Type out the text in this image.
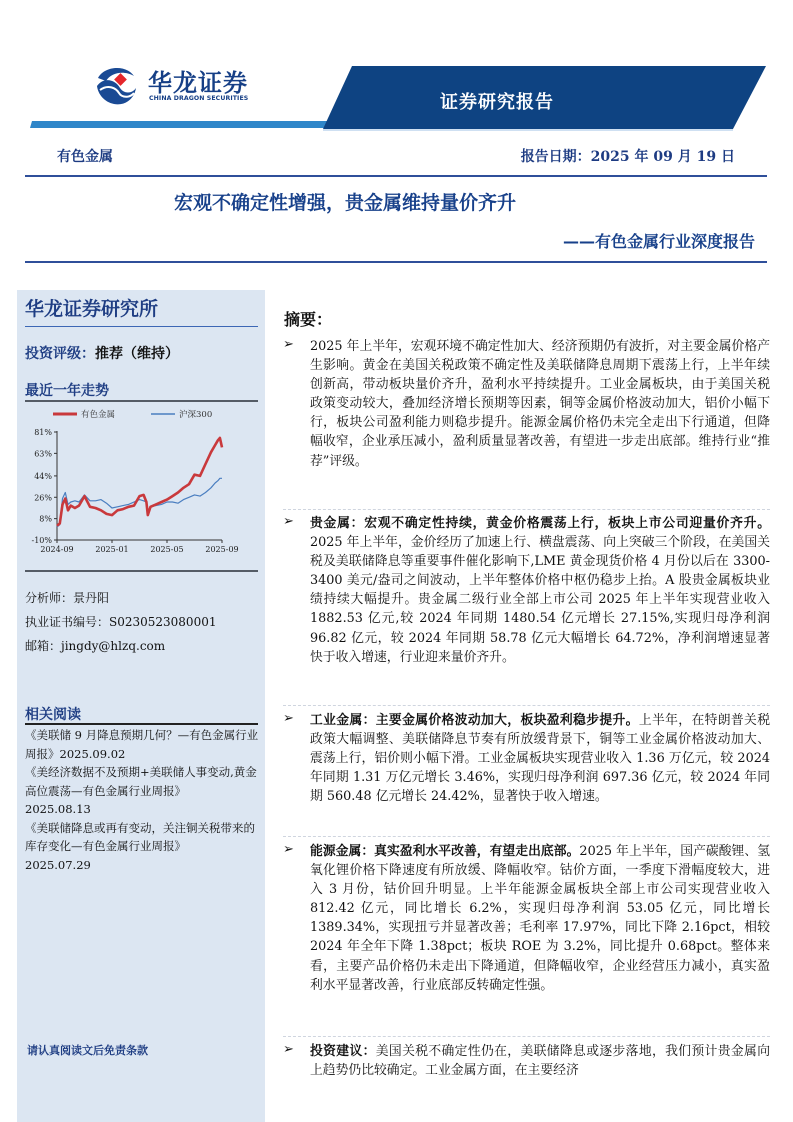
华龙证券
CHINA DRAGON SECURITIES	证券研究报告
有色金属	报告日期：2025 年 09 月 19 日
宏观不确定性增强，贵金属维持量价齐升
——有色金属行业深度报告
华龙证券研究所
投资评级：推荐（维持）
最近一年走势
有色金属	沪深300
81%
63%
44%
26%
8%
-10%
2024-09	2025-01	2025-05	2025-09
分析师：景丹阳
执业证书编号：S0230523080001
邮箱：jingdy@hlzq.com
相关阅读
《美联储 9 月降息预期几何？—有色金属行业周报》2025.09.02
《美经济数据不及预期+美联储人事变动,黄金高位震荡—有色金属行业周报》
2025.08.13
《美联储降息或再有变动，关注铜关税带来的库存变化—有色金属行业周报》
2025.07.29
请认真阅读文后免责条款
摘要：
➢ 2025 年上半年，宏观环境不确定性加大、经济预期仍有波折，对主要金属价格产生影响。黄金在美国关税政策不确定性及美联储降息周期下震荡上行，上半年续创新高，带动板块量价齐升，盈利水平持续提升。工业金属板块，由于美国关税政策变动较大，叠加经济增长预期等因素，铜等金属价格波动加大，铝价小幅下行，板块公司盈利能力则稳步提升。能源金属价格仍未完全走出下行通道，但降幅收窄，企业承压减小，盈利质量显著改善，有望进一步走出底部。维持行业“推荐”评级。
➢ 贵金属：宏观不确定性持续，黄金价格震荡上行，板块上市公司迎量价齐升。2025 年上半年，金价经历了加速上行、横盘震荡、向上突破三个阶段，在美国关税及美联储降息等重要事件催化影响下,LME 黄金现货价格 4 月份以后在 3300-3400 美元/盎司之间波动，上半年整体价格中枢仍稳步上抬。A 股贵金属板块业绩持续大幅提升。贵金属二级行业全部上市公司 2025 年上半年实现营业收入 1882.53 亿元,较 2024 年同期 1480.54 亿元增长 27.15%,实现归母净利润 96.82 亿元，较 2024 年同期 58.78 亿元大幅增长 64.72%，净利润增速显著快于收入增速，行业迎来量价齐升。
➢ 工业金属：主要金属价格波动加大，板块盈利稳步提升。上半年，在特朗普关税政策大幅调整、美联储降息节奏有所放缓背景下，铜等工业金属价格波动加大、震荡上行，铝价则小幅下滑。工业金属板块实现营业收入 1.36 万亿元，较 2024 年同期 1.31 万亿元增长 3.46%，实现归母净利润 697.36 亿元，较 2024 年同期 560.48 亿元增长 24.42%，显著快于收入增速。
➢ 能源金属：真实盈利水平改善，有望走出底部。2025 年上半年，国产碳酸锂、氢氧化锂价格下降速度有所放缓、降幅收窄。钴价方面，一季度下滑幅度较大，进入 3 月份，钴价回升明显。上半年能源金属板块全部上市公司实现营业收入 812.42 亿元，同比增长 6.2%，实现归母净利润 53.05 亿元，同比增长 1389.34%，实现扭亏并显著改善；毛利率 17.97%，同比下降 2.16pct，相较 2024 年全年下降 1.38pct；板块 ROE 为 3.2%，同比提升 0.68pct。整体来看，主要产品价格仍未走出下降通道，但降幅收窄，企业经营压力减小，真实盈利水平显著改善，行业底部反转确定性强。
➢ 投资建议：美国关税不确定性仍在，美联储降息或逐步落地，我们预计贵金属向上趋势仍比较确定。工业金属方面，在主要经济
